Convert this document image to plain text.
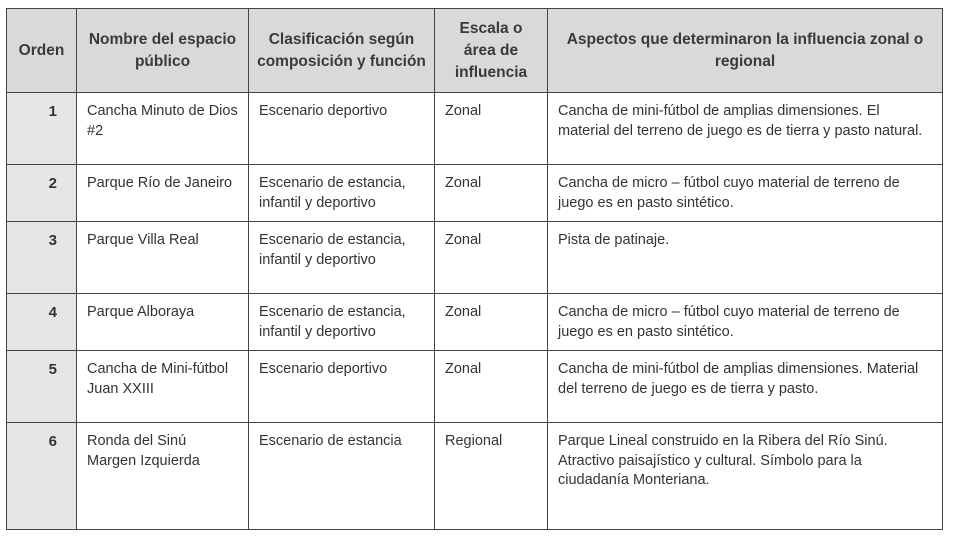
Orden	Nombre del espacio público	Clasificación según composición y función	Escala o área de influencia	Aspectos que determinaron la influencia zonal o regional
1	Cancha Minuto de Dios #2	Escenario deportivo	Zonal	Cancha de mini-fútbol de amplias dimensiones. El material del terreno de juego es de tierra y pasto natural.
2	Parque Río de Janeiro	Escenario de estancia, infantil y deportivo	Zonal	Cancha de micro – fútbol cuyo material de terreno de juego es en pasto sintético.
3	Parque Villa Real	Escenario de estancia, infantil y deportivo	Zonal	Pista de patinaje.
4	Parque Alboraya	Escenario de estancia, infantil y deportivo	Zonal	Cancha de micro – fútbol cuyo material de terreno de juego es en pasto sintético.
5	Cancha de Mini-fútbol Juan XXIII	Escenario deportivo	Zonal	Cancha de mini-fútbol de amplias dimensiones. Material del terreno de juego es de tierra y pasto.
6	Ronda del Sinú Margen Izquierda	Escenario de estancia	Regional	Parque Lineal construido en la Ribera del Río Sinú. Atractivo paisajístico y cultural. Símbolo para la ciudadanía Monteriana.
